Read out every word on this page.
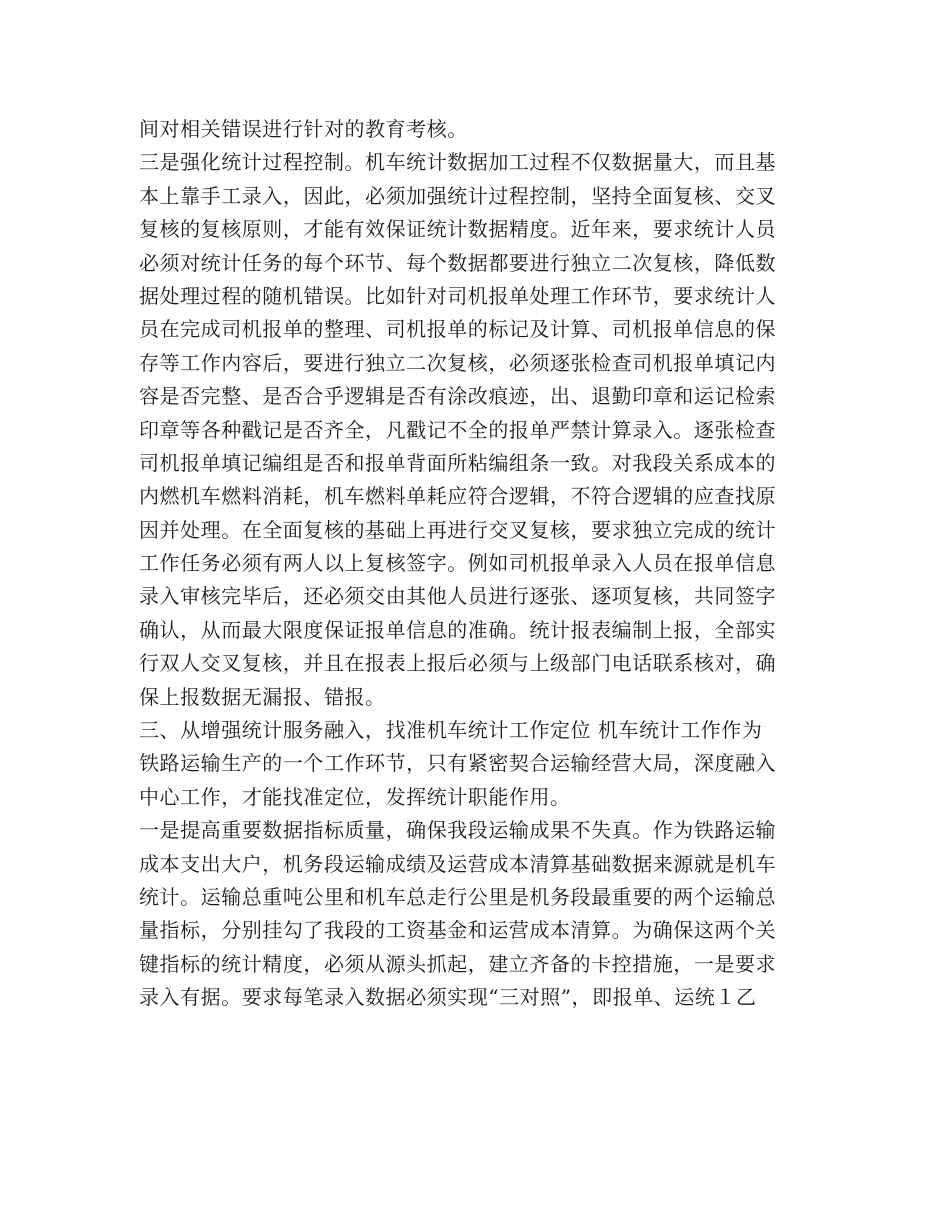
间对相关错误进行针对的教育考核。
三是强化统计过程控制。机车统计数据加工过程不仅数据量大，而且基
本上靠手工录入，因此，必须加强统计过程控制，坚持全面复核、交叉
复核的复核原则，才能有效保证统计数据精度。近年来，要求统计人员
必须对统计任务的每个环节、每个数据都要进行独立二次复核，降低数
据处理过程的随机错误。比如针对司机报单处理工作环节，要求统计人
员在完成司机报单的整理、司机报单的标记及计算、司机报单信息的保
存等工作内容后，要进行独立二次复核，必须逐张检查司机报单填记内
容是否完整、是否合乎逻辑是否有涂改痕迹，出、退勤印章和运记检索
印章等各种戳记是否齐全，凡戳记不全的报单严禁计算录入。逐张检查
司机报单填记编组是否和报单背面所粘编组条一致。对我段关系成本的
内燃机车燃料消耗，机车燃料单耗应符合逻辑，不符合逻辑的应查找原
因并处理。在全面复核的基础上再进行交叉复核，要求独立完成的统计
工作任务必须有两人以上复核签字。例如司机报单录入人员在报单信息
录入审核完毕后，还必须交由其他人员进行逐张、逐项复核，共同签字
确认，从而最大限度保证报单信息的准确。统计报表编制上报，全部实
行双人交叉复核，并且在报表上报后必须与上级部门电话联系核对，确
保上报数据无漏报、错报。
三、从增强统计服务融入，找准机车统计工作定位 机车统计工作作为
铁路运输生产的一个工作环节，只有紧密契合运输经营大局，深度融入
中心工作，才能找准定位，发挥统计职能作用。
一是提高重要数据指标质量，确保我段运输成果不失真。作为铁路运输
成本支出大户，机务段运输成绩及运营成本清算基础数据来源就是机车
统计。运输总重吨公里和机车总走行公里是机务段最重要的两个运输总
量指标，分别挂勾了我段的工资基金和运营成本清算。为确保这两个关
键指标的统计精度，必须从源头抓起，建立齐备的卡控措施，一是要求
录入有据。要求每笔录入数据必须实现“三对照”，即报单、运统１乙
